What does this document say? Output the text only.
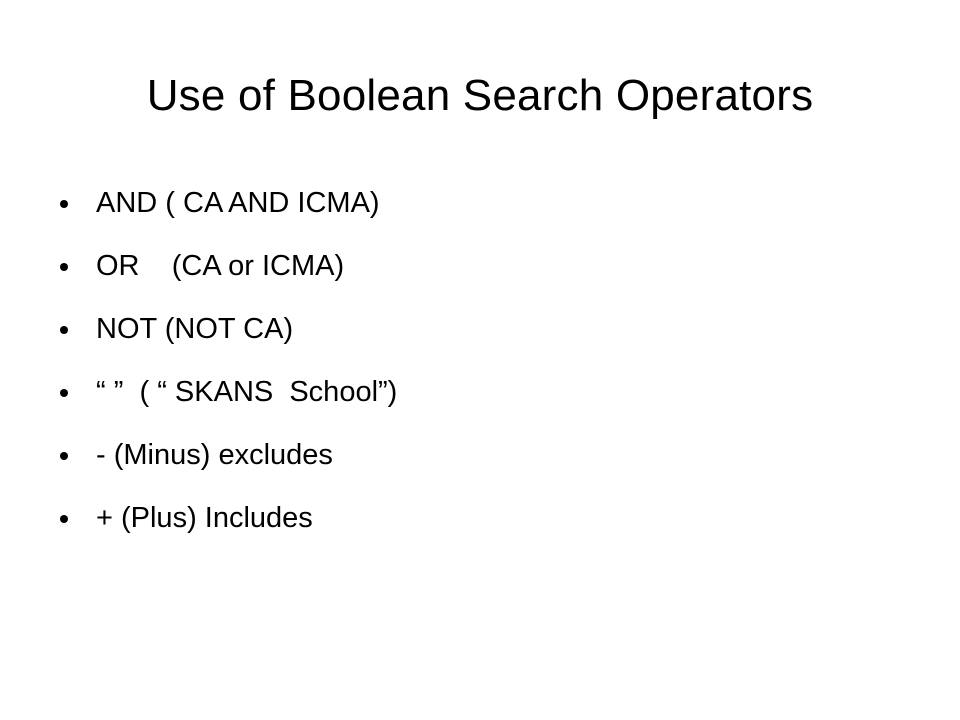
Use of Boolean Search Operators
AND ( CA AND ICMA)
OR    (CA or ICMA)
NOT (NOT CA)
“ ”  ( “ SKANS  School”)
- (Minus) excludes
+ (Plus) Includes
